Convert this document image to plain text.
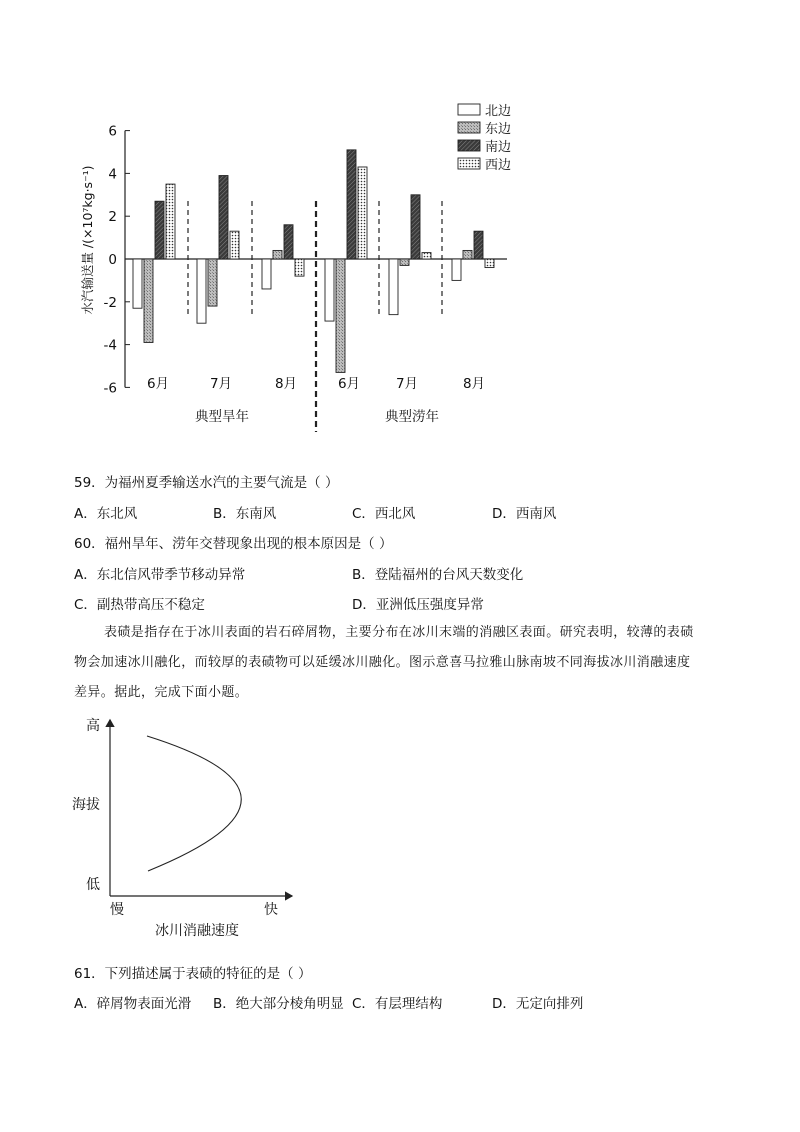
6
4
2
0
-2
-4
-6
北边
东边
南边
西边
水汽输送量 /(×10⁷kg·s⁻¹)
6月	7月	8月
典型旱年
6月	7月	8月
典型涝年
59．为福州夏季输送水汽的主要气流是（ ）
A．东北风	B．东南风	C．西北风	D．西南风
60．福州旱年、涝年交替现象出现的根本原因是（ ）
A．东北信风带季节移动异常	B．登陆福州的台风天数变化
C．副热带高压不稳定	D．亚洲低压强度异常
表碛是指存在于冰川表面的岩石碎屑物，主要分布在冰川末端的消融区表面。研究表明，较薄的表碛
物会加速冰川融化，而较厚的表碛物可以延缓冰川融化。图示意喜马拉雅山脉南坡不同海拔冰川消融速度
差异。据此，完成下面小题。
高
海拔
低
慢	快
冰川消融速度
61．下列描述属于表碛的特征的是（ ）
A．碎屑物表面光滑 B．绝大部分棱角明显 C．有层理结构	D．无定向排列
